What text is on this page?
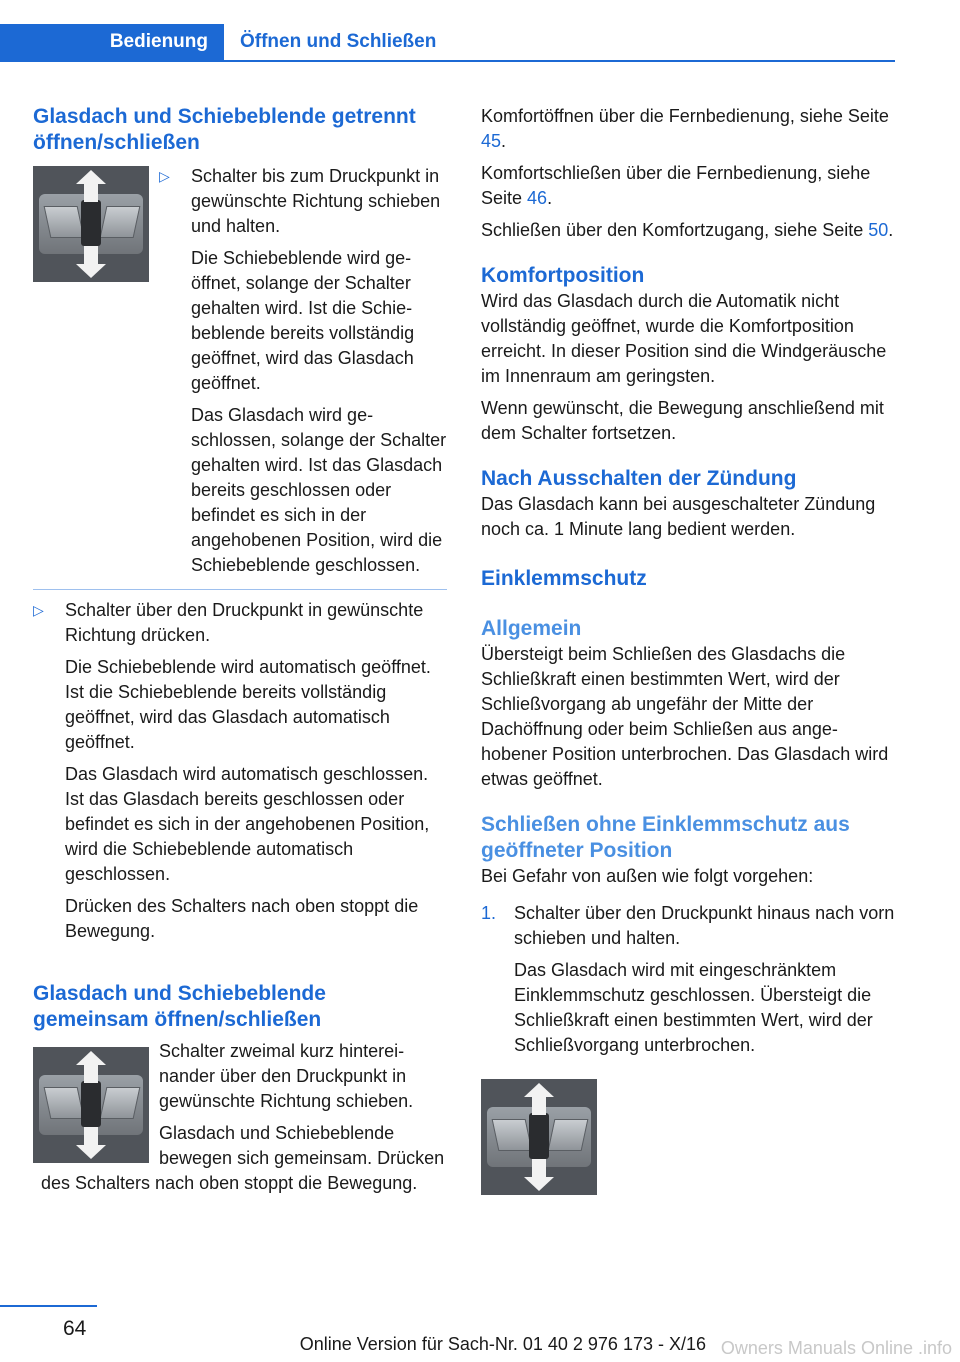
Bedienung	Öffnen und Schließen
Glasdach und Schiebeblende getrennt öffnen/schließen
▷	Schalter bis zum Druckpunkt in gewünschte Richtung schieben und halten.

Die Schiebeblende wird geöffnet, solange der Schalter gehalten wird. Ist die Schiebeblende bereits vollständig geöffnet, wird das Glasdach geöffnet.

Das Glasdach wird geschlossen, solange der Schalter gehalten wird. Ist das Glasdach bereits geschlossen oder befindet es sich in der angehobenen Position, wird die Schiebeblende geschlossen.

▷	Schalter über den Druckpunkt in gewünschte Richtung drücken.

Die Schiebeblende wird automatisch geöffnet. Ist die Schiebeblende bereits vollständig geöffnet, wird das Glasdach automatisch geöffnet.

Das Glasdach wird automatisch geschlossen. Ist das Glasdach bereits geschlossen oder befindet es sich in der angehobenen Position, wird die Schiebeblende automatisch geschlossen.

Drücken des Schalters nach oben stoppt die Bewegung.

Glasdach und Schiebeblende gemeinsam öffnen/schließen

Schalter zweimal kurz hintereinander über den Druckpunkt in gewünschte Richtung schieben.

Glasdach und Schiebeblende bewegen sich gemeinsam. Drücken des Schalters nach oben stoppt die Bewegung.

Komfortöffnen über die Fernbedienung, siehe Seite 45.

Komfortschließen über die Fernbedienung, siehe Seite 46.

Schließen über den Komfortzugang, siehe Seite 50.

Komfortposition

Wird das Glasdach durch die Automatik nicht vollständig geöffnet, wurde die Komfortposition erreicht. In dieser Position sind die Windgeräusche im Innenraum am geringsten.

Wenn gewünscht, die Bewegung anschließend mit dem Schalter fortsetzen.

Nach Ausschalten der Zündung

Das Glasdach kann bei ausgeschalteter Zündung noch ca. 1 Minute lang bedient werden.

Einklemmschutz
Allgemein

Übersteigt beim Schließen des Glasdachs die Schließkraft einen bestimmten Wert, wird der Schließvorgang ab ungefähr der Mitte der Dachöffnung oder beim Schließen aus angehobener Position unterbrochen. Das Glasdach wird etwas geöffnet.

Schließen ohne Einklemmschutz aus geöffneter Position

Bei Gefahr von außen wie folgt vorgehen:

1. Schalter über den Druckpunkt hinaus nach vorn schieben und halten.

Das Glasdach wird mit eingeschränktem Einklemmschutz geschlossen. Übersteigt die Schließkraft einen bestimmten Wert, wird der Schließvorgang unterbrochen.

64
Online Version für Sach-Nr. 01 40 2 976 173 - X/16 Owners Manuals Online .info
